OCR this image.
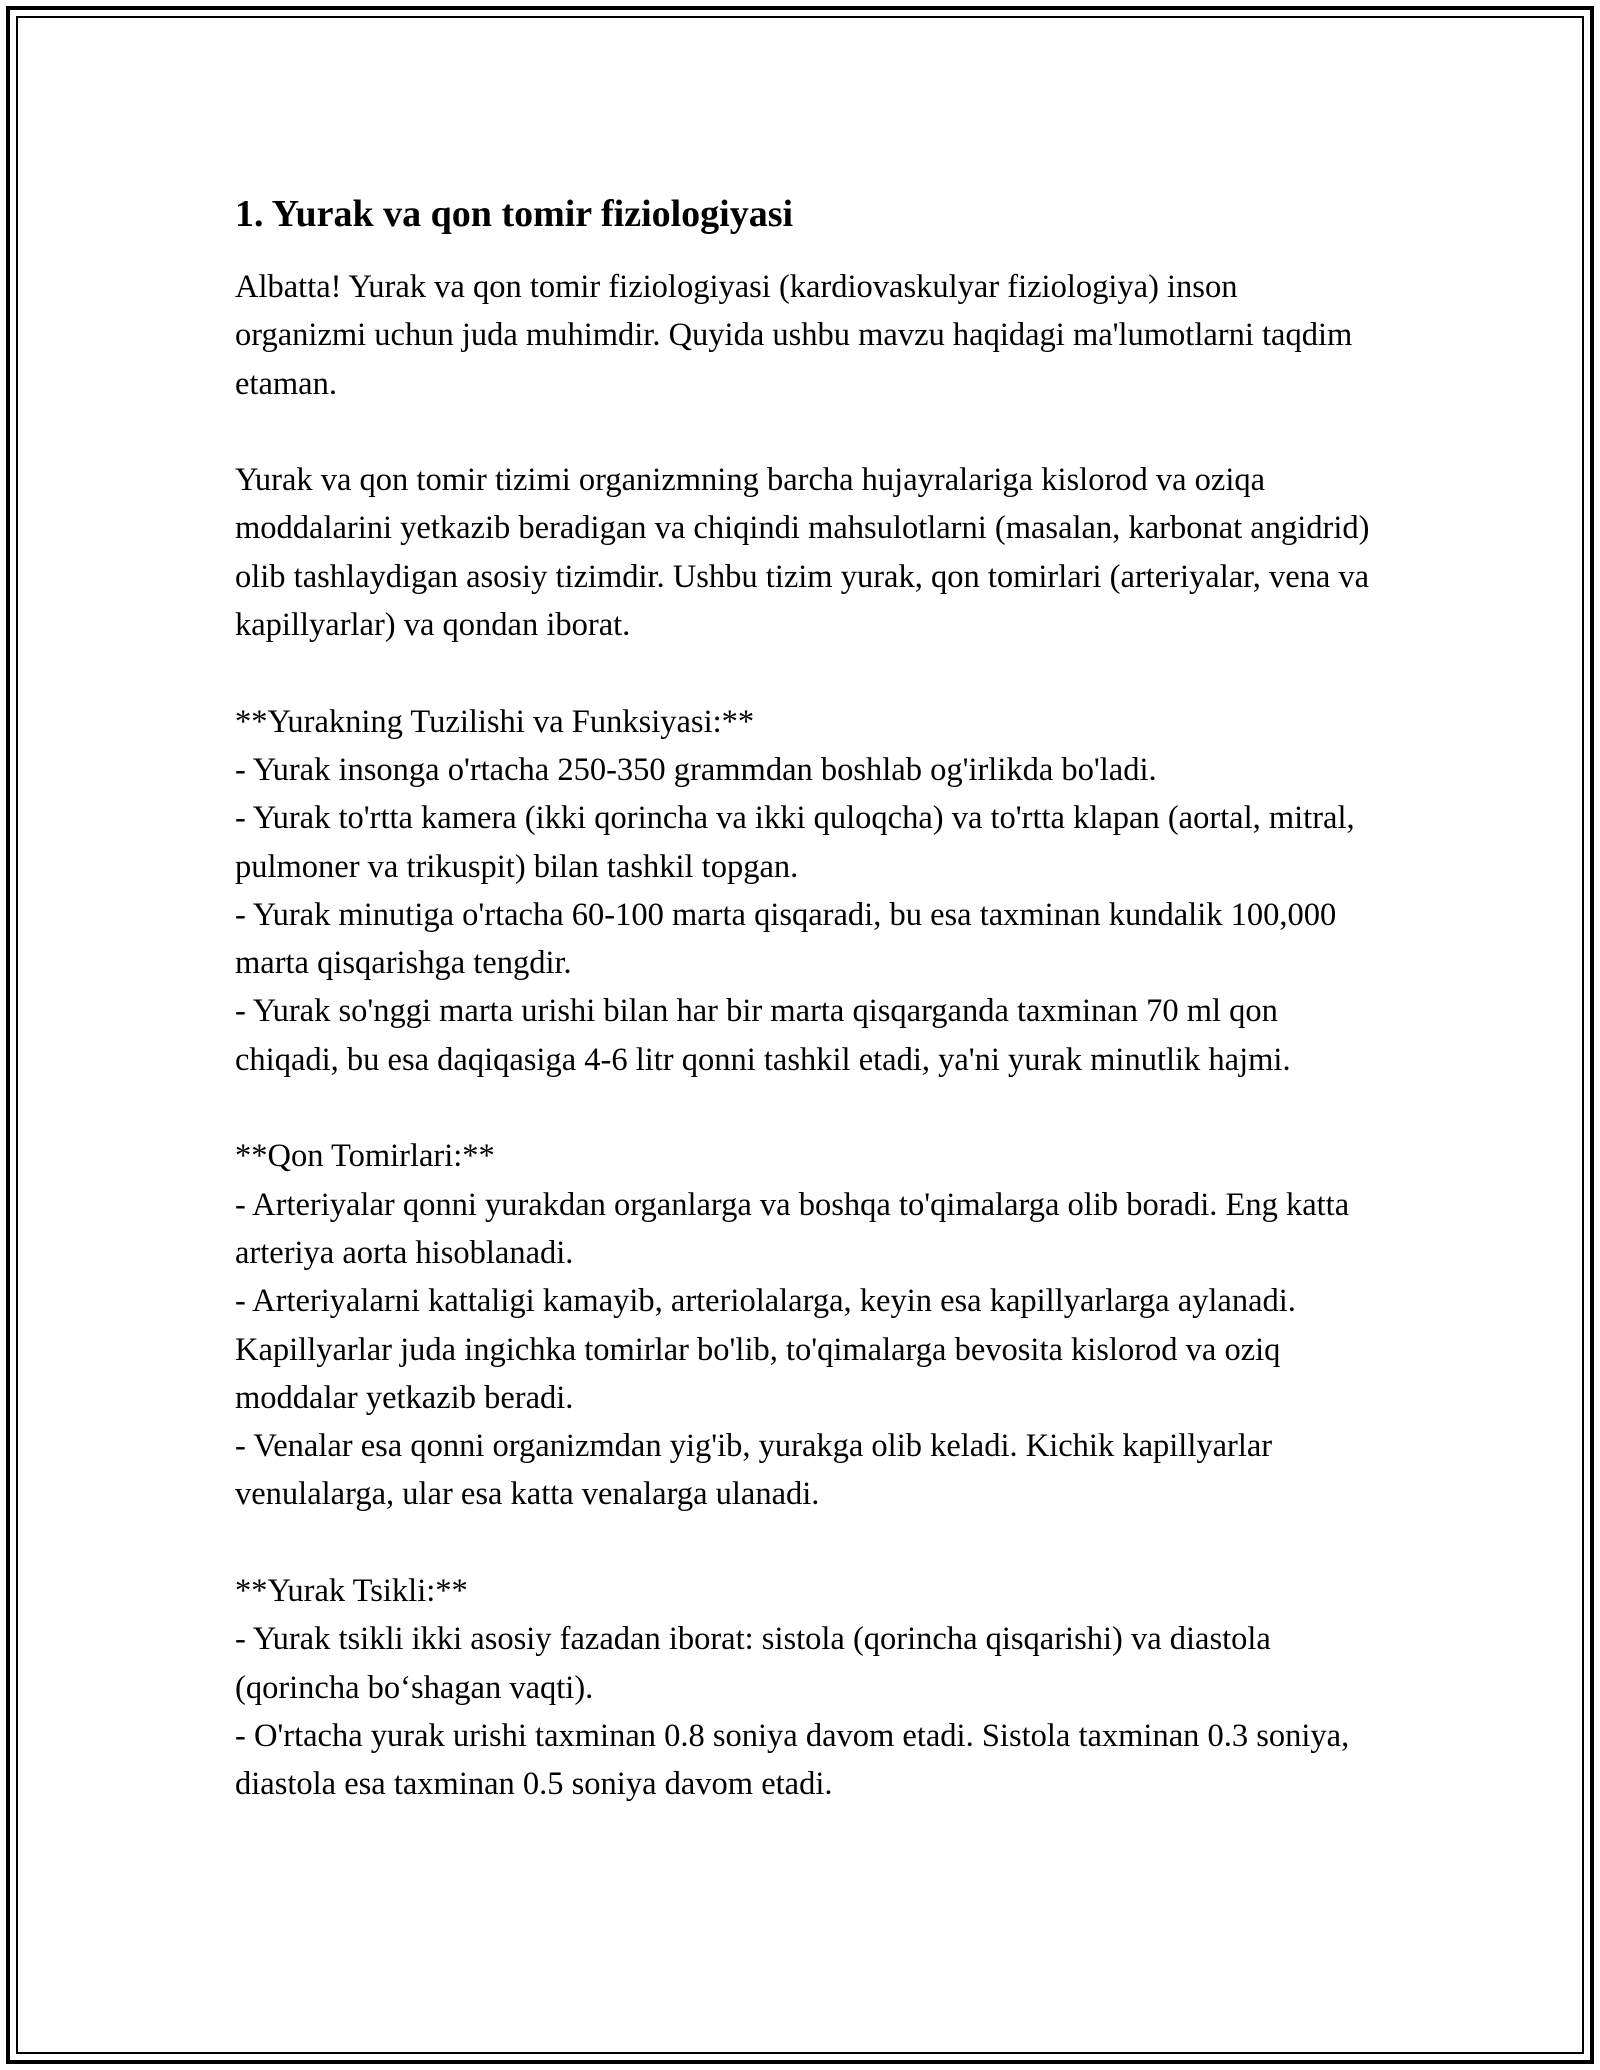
1. Yurak va qon tomir fiziologiyasi

Albatta! Yurak va qon tomir fiziologiyasi (kardiovaskulyar fiziologiya) inson organizmi uchun juda muhimdir. Quyida ushbu mavzu haqidagi ma'lumotlarni taqdim etaman.

Yurak va qon tomir tizimi organizmning barcha hujayralariga kislorod va oziqa moddalarini yetkazib beradigan va chiqindi mahsulotlarni (masalan, karbonat angidrid) olib tashlaydigan asosiy tizimdir. Ushbu tizim yurak, qon tomirlari (arteriyalar, vena va kapillyarlar) va qondan iborat.

**Yurakning Tuzilishi va Funksiyasi:**

- Yurak insonga o'rtacha 250-350 grammdan boshlab og'irlikda bo'ladi.

- Yurak to'rtta kamera (ikki qorincha va ikki quloqcha) va to'rtta klapan (aortal, mitral, pulmoner va trikuspit) bilan tashkil topgan.

- Yurak minutiga o'rtacha 60-100 marta qisqaradi, bu esa taxminan kundalik 100,000 marta qisqarishga tengdir.

- Yurak so'nggi marta urishi bilan har bir marta qisqarganda taxminan 70 ml qon chiqadi, bu esa daqiqasiga 4-6 litr qonni tashkil etadi, ya'ni yurak minutlik hajmi.

**Qon Tomirlari:**

- Arteriyalar qonni yurakdan organlarga va boshqa to'qimalarga olib boradi. Eng katta arteriya aorta hisoblanadi.

- Arteriyalarni kattaligi kamayib, arteriolalarga, keyin esa kapillyarlarga aylanadi. Kapillyarlar juda ingichka tomirlar bo'lib, to'qimalarga bevosita kislorod va oziq moddalar yetkazib beradi.

- Venalar esa qonni organizmdan yig'ib, yurakga olib keladi. Kichik kapillyarlar venulalarga, ular esa katta venalarga ulanadi.

**Yurak Tsikli:**

- Yurak tsikli ikki asosiy fazadan iborat: sistola (qorincha qisqarishi) va diastola (qorincha bo‘shagan vaqti).

- O'rtacha yurak urishi taxminan 0.8 soniya davom etadi. Sistola taxminan 0.3 soniya, diastola esa taxminan 0.5 soniya davom etadi.
